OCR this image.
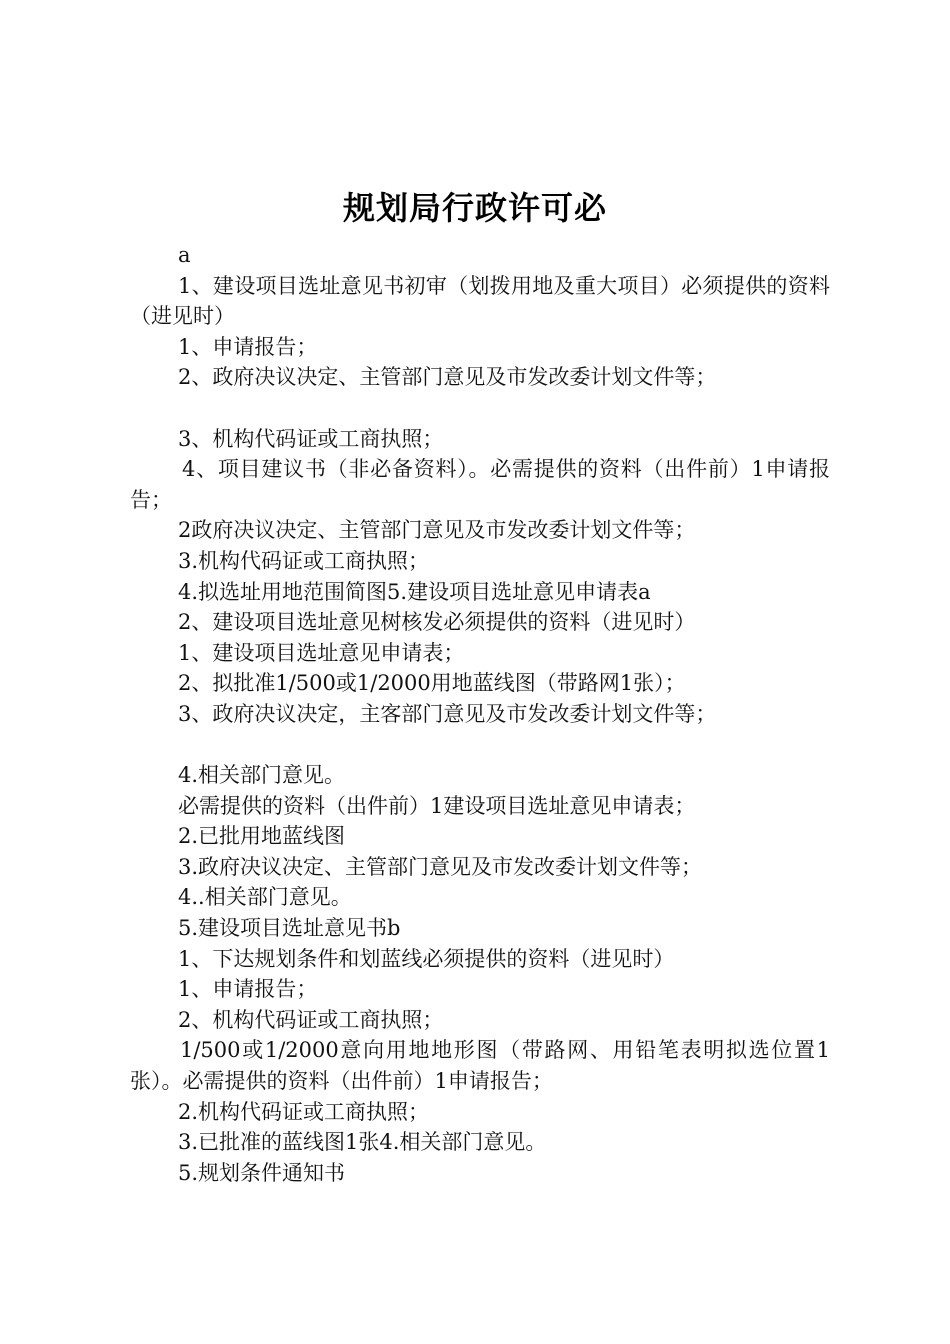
规划局行政许可必

a

1、建设项目选址意见书初审（划拨用地及重大项目）必须提供的资料（进见时）

1、申请报告；

2、政府决议决定、主管部门意见及市发改委计划文件等；

3、机构代码证或工商执照；

4、项目建议书（非必备资料）。必需提供的资料（出件前）1申请报告；

2政府决议决定、主管部门意见及市发改委计划文件等；

3.机构代码证或工商执照；

4.拟选址用地范围简图5.建设项目选址意见申请表a

2、建设项目选址意见树核发必须提供的资料（进见时）

1、建设项目选址意见申请表；

2、拟批准1/500或1/2000用地蓝线图（带路网1张）；

3、政府决议决定，主客部门意见及市发改委计划文件等；

4.相关部门意见。

必需提供的资料（出件前）1建设项目选址意见申请表；

2.已批用地蓝线图

3.政府决议决定、主管部门意见及市发改委计划文件等；

4..相关部门意见。

5.建设项目选址意见书b

1、下达规划条件和划蓝线必须提供的资料（进见时）

1、申请报告；

2、机构代码证或工商执照；

1/500或1/2000意向用地地形图（带路网、用铅笔表明拟选位置1张）。必需提供的资料（出件前）1申请报告；

2.机构代码证或工商执照；

3.已批准的蓝线图1张4.相关部门意见。

5.规划条件通知书
